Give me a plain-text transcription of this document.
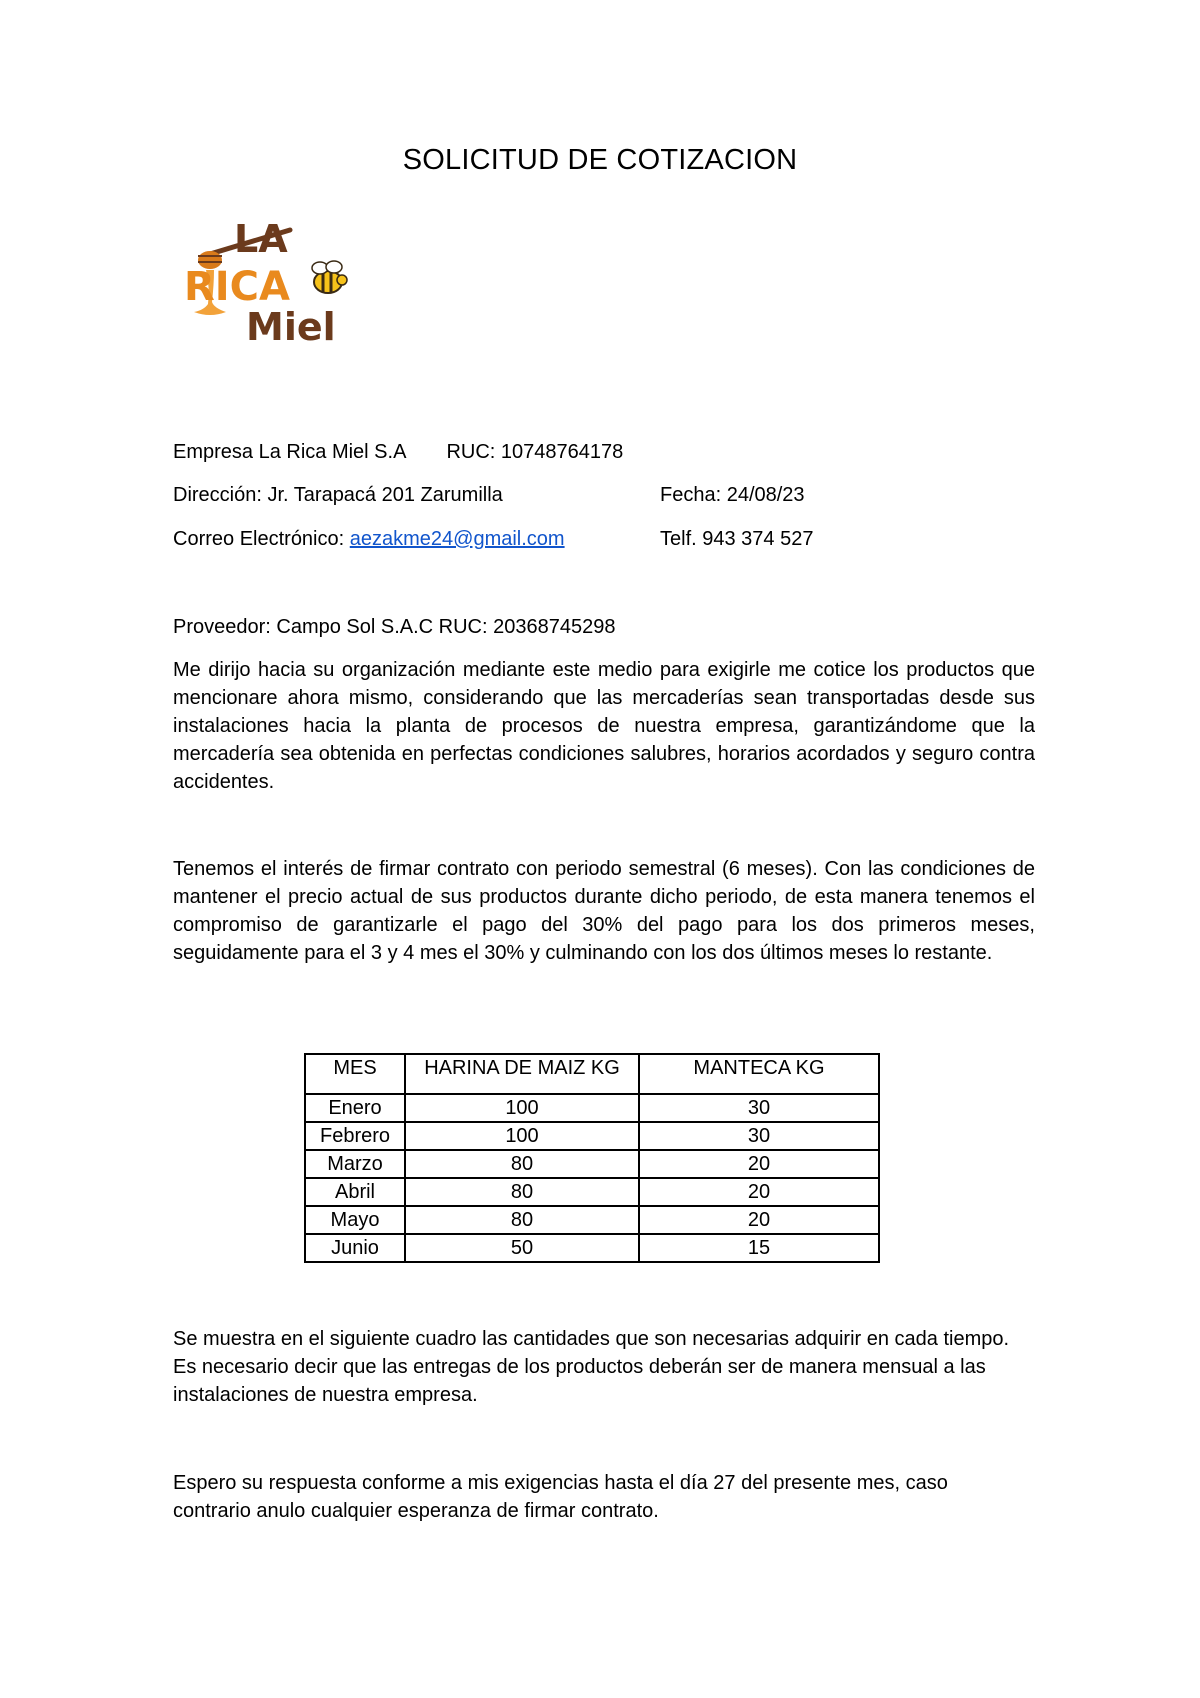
SOLICITUD DE COTIZACION
LA
RICA
Miel
Empresa La Rica Miel S.A RUC: 10748764178
Dirección: Jr. Tarapacá 201 Zarumilla	Fecha: 24/08/23
Correo Electrónico: aezakme24@gmail.com	Telf. 943 374 527
Proveedor: Campo Sol S.A.C RUC: 20368745298

Me dirijo hacia su organización mediante este medio para exigirle me cotice los productos que mencionare ahora mismo, considerando que las mercaderías sean transportadas desde sus instalaciones hacia la planta de procesos de nuestra empresa, garantizándome que la mercadería sea obtenida en perfectas condiciones salubres, horarios acordados y seguro contra accidentes.

Tenemos el interés de firmar contrato con periodo semestral (6 meses). Con las condiciones de mantener el precio actual de sus productos durante dicho periodo, de esta manera tenemos el compromiso de garantizarle el pago del 30% del pago para los dos primeros meses, seguidamente para el 3 y 4 mes el 30% y culminando con los dos últimos meses lo restante.

MES	HARINA DE MAIZ KG	MANTECA KG
Enero	100	30
Febrero	100	30
Marzo	80	20
Abril	80	20
Mayo	80	20
Junio	50	15

Se muestra en el siguiente cuadro las cantidades que son necesarias adquirir en cada tiempo. Es necesario decir que las entregas de los productos deberán ser de manera mensual a las instalaciones de nuestra empresa.

Espero su respuesta conforme a mis exigencias hasta el día 27 del presente mes, caso contrario anulo cualquier esperanza de firmar contrato.
